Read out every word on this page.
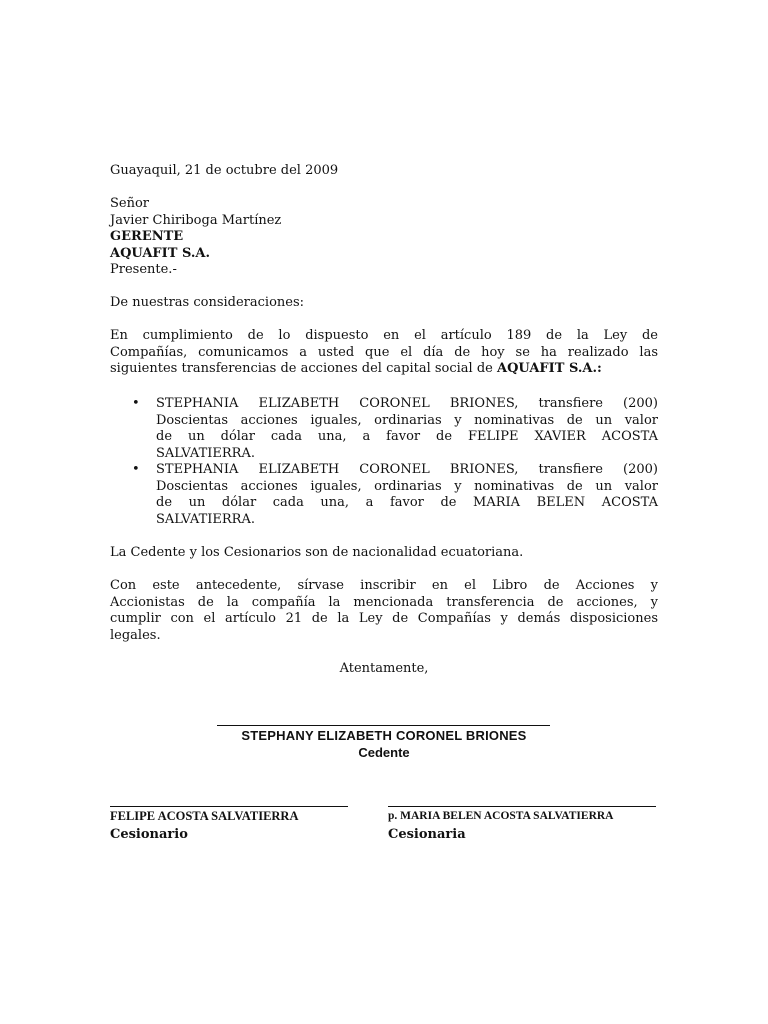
Guayaquil, 21 de octubre del 2009
Señor
Javier Chiriboga Martínez
GERENTE
AQUAFIT S.A.
Presente.-
De nuestras consideraciones:
En cumplimiento de lo dispuesto en el artículo 189 de la Ley de
Compañías, comunicamos a usted que el día de hoy se ha realizado las
siguientes transferencias de acciones del capital social de AQUAFIT S.A.:
• STEPHANIA ELIZABETH CORONEL BRIONES, transfiere (200)
Doscientas acciones iguales, ordinarias y nominativas de un valor
de un dólar cada una, a favor de FELIPE XAVIER ACOSTA
SALVATIERRA.
• STEPHANIA ELIZABETH CORONEL BRIONES, transfiere (200)
Doscientas acciones iguales, ordinarias y nominativas de un valor
de un dólar cada una, a favor de MARIA BELEN ACOSTA
SALVATIERRA.
La Cedente y los Cesionarios son de nacionalidad ecuatoriana.
Con este antecedente, sírvase inscribir en el Libro de Acciones y
Accionistas de la compañía la mencionada transferencia de acciones, y
cumplir con el artículo 21 de la Ley de Compañías y demás disposiciones
legales.
Atentamente,
STEPHANY ELIZABETH CORONEL BRIONES
Cedente
FELIPE ACOSTA SALVATIERRA
Cesionario
p. MARIA BELEN ACOSTA SALVATIERRA
Cesionaria
